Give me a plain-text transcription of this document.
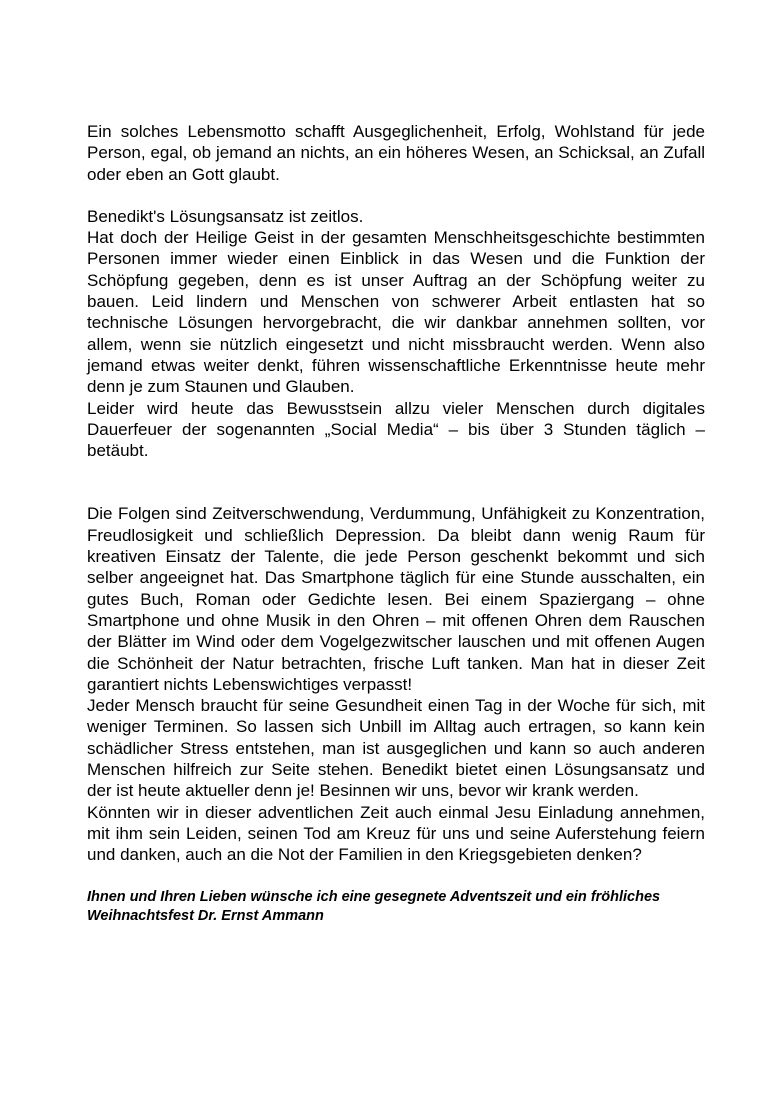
Ein solches Lebensmotto schafft Ausgeglichenheit, Erfolg, Wohlstand für jede Person, egal, ob jemand an nichts, an ein höheres Wesen, an Schicksal, an Zufall oder eben an Gott glaubt.

Benedikt's Lösungsansatz ist zeitlos.

Hat doch der Heilige Geist in der gesamten Menschheitsgeschichte bestimmten Personen immer wieder einen Einblick in das Wesen und die Funktion der Schöpfung gegeben, denn es ist unser Auftrag an der Schöpfung weiter zu bauen. Leid lindern und Menschen von schwerer Arbeit entlasten hat so technische Lösungen hervorgebracht, die wir dankbar annehmen sollten, vor allem, wenn sie nützlich eingesetzt und nicht missbraucht werden. Wenn also jemand etwas weiter denkt, führen wissenschaftliche Erkenntnisse heute mehr denn je zum Staunen und Glauben.

Leider wird heute das Bewusstsein allzu vieler Menschen durch digitales Dauerfeuer der sogenannten „Social Media“ – bis über 3 Stunden täglich – betäubt.

Die Folgen sind Zeitverschwendung, Verdummung, Unfähigkeit zu Konzentration, Freudlosigkeit und schließlich Depression. Da bleibt dann wenig Raum für kreativen Einsatz der Talente, die jede Person geschenkt bekommt und sich selber angeeignet hat. Das Smartphone täglich für eine Stunde ausschalten, ein gutes Buch, Roman oder Gedichte lesen. Bei einem Spaziergang – ohne Smartphone und ohne Musik in den Ohren – mit offenen Ohren dem Rauschen der Blätter im Wind oder dem Vogelgezwitscher lauschen und mit offenen Augen die Schönheit der Natur betrachten, frische Luft tanken. Man hat in dieser Zeit garantiert nichts Lebenswichtiges verpasst!

Jeder Mensch braucht für seine Gesundheit einen Tag in der Woche für sich, mit weniger Terminen. So lassen sich Unbill im Alltag auch ertragen, so kann kein schädlicher Stress entstehen, man ist ausgeglichen und kann so auch anderen Menschen hilfreich zur Seite stehen. Benedikt bietet einen Lösungsansatz und der ist heute aktueller denn je! Besinnen wir uns, bevor wir krank werden.

Könnten wir in dieser adventlichen Zeit auch einmal Jesu Einladung annehmen, mit ihm sein Leiden, seinen Tod am Kreuz für uns und seine Auferstehung feiern und danken, auch an die Not der Familien in den Kriegsgebieten denken?

Ihnen und Ihren Lieben wünsche ich eine gesegnete Adventszeit und ein fröhliches Weihnachtsfest Dr. Ernst Ammann
